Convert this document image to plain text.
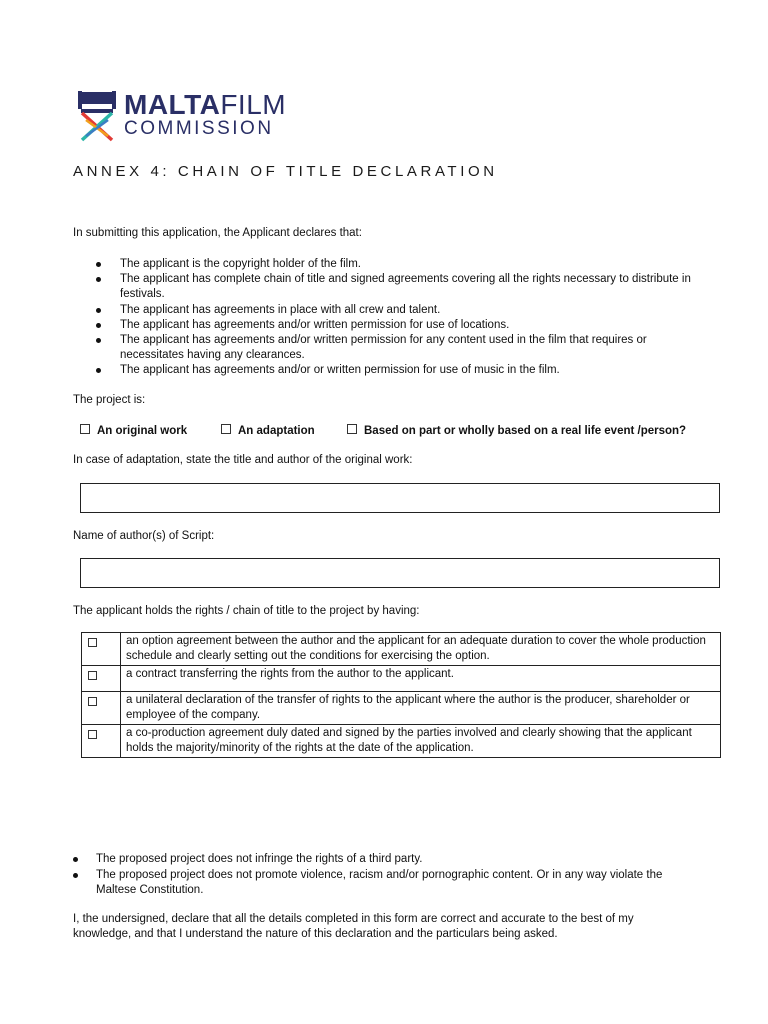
MALTAFILM
COMMISSION
ANNEX 4: CHAIN OF TITLE DECLARATION
In submitting this application, the Applicant declares that:
The applicant is the copyright holder of the film.
The applicant has complete chain of title and signed agreements covering all the rights necessary to distribute in festivals.
The applicant has agreements in place with all crew and talent.
The applicant has agreements and/or written permission for use of locations.
The applicant has agreements and/or written permission for any content used in the film that requires or necessitates having any clearances.
The applicant has agreements and/or or written permission for use of music in the film.
The project is:
An original work	An adaptation	Based on part or wholly based on a real life event /person?
In case of adaptation, state the title and author of the original work:
Name of author(s) of Script:
The applicant holds the rights / chain of title to the project by having:
	an option agreement between the author and the applicant for an adequate duration to cover the whole production schedule and clearly setting out the conditions for exercising the option.
	a contract transferring the rights from the author to the applicant.
	a unilateral declaration of the transfer of rights to the applicant where the author is the producer, shareholder or employee of the company.
	a co-production agreement duly dated and signed by the parties involved and clearly showing that the applicant holds the majority/minority of the rights at the date of the application.
The proposed project does not infringe the rights of a third party.
The proposed project does not promote violence, racism and/or pornographic content. Or in any way violate the Maltese Constitution.
I, the undersigned, declare that all the details completed in this form are correct and accurate to the best of my knowledge, and that I understand the nature of this declaration and the particulars being asked.
